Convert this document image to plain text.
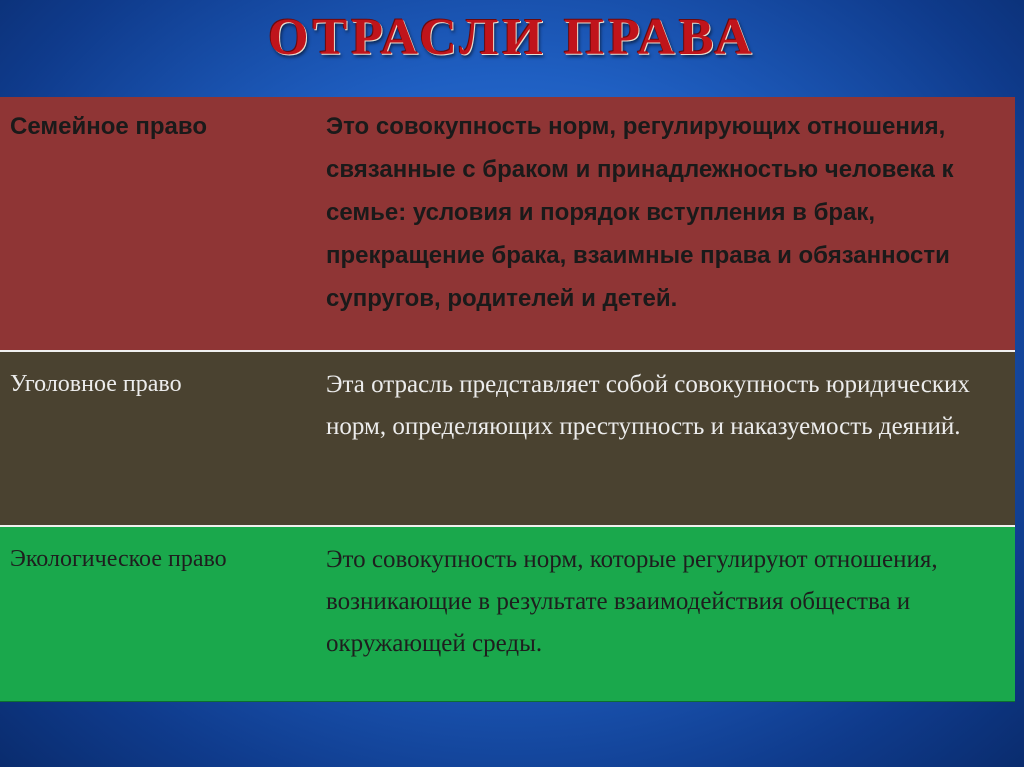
ОТРАСЛИ ПРАВА
Семейное право	Это совокупность норм, регулирующих отношения, связанные с браком и принадлежностью человека к семье: условия и порядок вступления в брак, прекращение брака, взаимные права и обязанности супругов, родителей и детей.
Уголовное право	Эта отрасль представляет собой совокупность юридических норм, определяющих преступность и наказуемость деяний.
Экологическое право	Это совокупность норм, которые регулируют отношения, возникающие в результате взаимодействия общества и окружающей среды.
